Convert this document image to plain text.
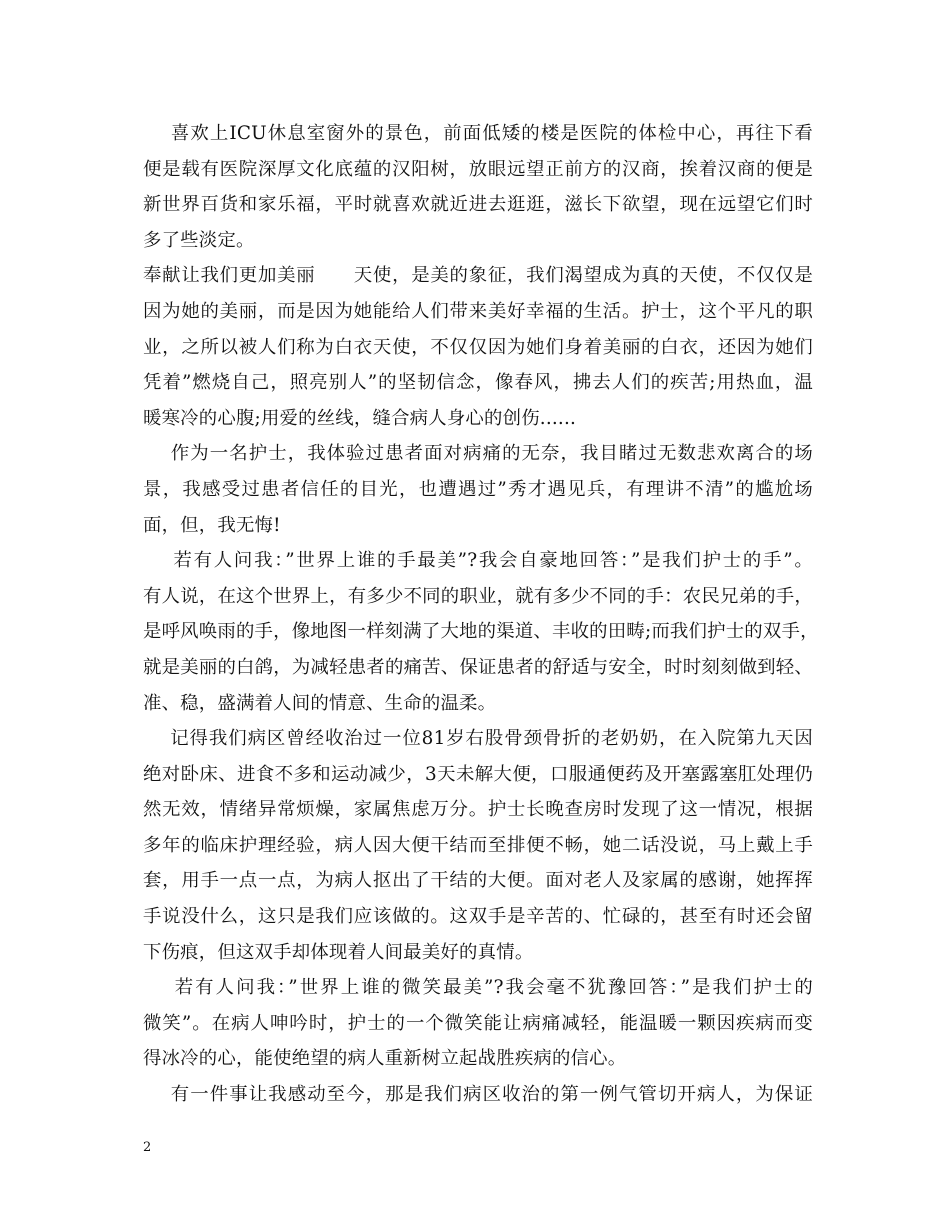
喜欢上ICU休息室窗外的景色，前面低矮的楼是医院的体检中心，再往下看
便是载有医院深厚文化底蕴的汉阳树，放眼远望正前方的汉商，挨着汉商的便是
新世界百货和家乐福，平时就喜欢就近进去逛逛，滋长下欲望，现在远望它们时
多了些淡定。
奉献让我们更加美丽　　天使，是美的象征，我们渴望成为真的天使，不仅仅是
因为她的美丽，而是因为她能给人们带来美好幸福的生活。护士，这个平凡的职
业，之所以被人们称为白衣天使，不仅仅因为她们身着美丽的白衣，还因为她们
凭着”燃烧自己，照亮别人”的坚韧信念，像春风，拂去人们的疾苦;用热血，温
暖寒冷的心腹;用爱的丝线，缝合病人身心的创伤......
作为一名护士，我体验过患者面对病痛的无奈，我目睹过无数悲欢离合的场
景，我感受过患者信任的目光，也遭遇过”秀才遇见兵，有理讲不清”的尴尬场
面，但，我无悔!
若有人问我：”世界上谁的手最美”?我会自豪地回答：”是我们护士的手”。
有人说，在这个世界上，有多少不同的职业，就有多少不同的手：农民兄弟的手，
是呼风唤雨的手，像地图一样刻满了大地的渠道、丰收的田畴;而我们护士的双手，
就是美丽的白鸽，为减轻患者的痛苦、保证患者的舒适与安全，时时刻刻做到轻、
准、稳，盛满着人间的情意、生命的温柔。
记得我们病区曾经收治过一位81岁右股骨颈骨折的老奶奶，在入院第九天因
绝对卧床、进食不多和运动减少，3天未解大便，口服通便药及开塞露塞肛处理仍
然无效，情绪异常烦燥，家属焦虑万分。护士长晚查房时发现了这一情况，根据
多年的临床护理经验，病人因大便干结而至排便不畅，她二话没说，马上戴上手
套，用手一点一点，为病人抠出了干结的大便。面对老人及家属的感谢，她挥挥
手说没什么，这只是我们应该做的。这双手是辛苦的、忙碌的，甚至有时还会留
下伤痕，但这双手却体现着人间最美好的真情。
若有人问我：”世界上谁的微笑最美”?我会毫不犹豫回答：”是我们护士的
微笑”。在病人呻吟时，护士的一个微笑能让病痛减轻，能温暖一颗因疾病而变
得冰冷的心，能使绝望的病人重新树立起战胜疾病的信心。
有一件事让我感动至今，那是我们病区收治的第一例气管切开病人，为保证
2
